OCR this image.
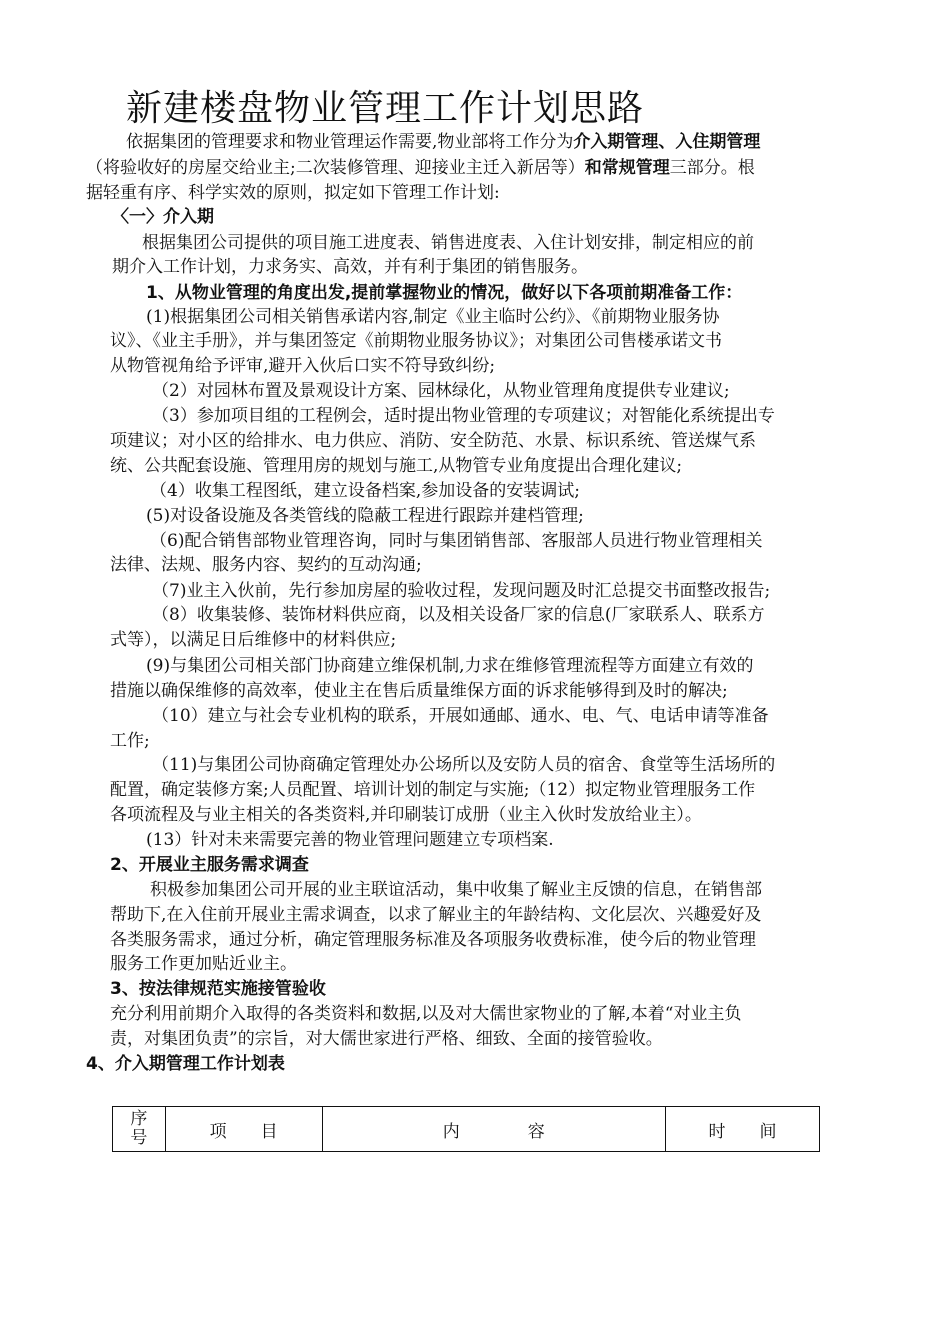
新建楼盘物业管理工作计划思路
依据集团的管理要求和物业管理运作需要,物业部将工作分为介入期管理、入住期管理
（将验收好的房屋交给业主;二次装修管理、迎接业主迁入新居等）和常规管理三部分。根
据轻重有序、科学实效的原则，拟定如下管理工作计划:
〈一〉介入期
根据集团公司提供的项目施工进度表、销售进度表、入住计划安排，制定相应的前
期介入工作计划，力求务实、高效，并有利于集团的销售服务。
1、从物业管理的角度出发,提前掌握物业的情况，做好以下各项前期准备工作：
(1)根据集团公司相关销售承诺内容,制定《业主临时公约》、《前期物业服务协
议》、《业主手册》，并与集团签定《前期物业服务协议》；对集团公司售楼承诺文书
从物管视角给予评审,避开入伙后口实不符导致纠纷;
（2）对园林布置及景观设计方案、园林绿化，从物业管理角度提供专业建议;
（3）参加项目组的工程例会，适时提出物业管理的专项建议；对智能化系统提出专
项建议；对小区的给排水、电力供应、消防、安全防范、水景、标识系统、管送煤气系
统、公共配套设施、管理用房的规划与施工,从物管专业角度提出合理化建议;
（4）收集工程图纸，建立设备档案,参加设备的安装调试;
(5)对设备设施及各类管线的隐蔽工程进行跟踪并建档管理;
（6)配合销售部物业管理咨询，同时与集团销售部、客服部人员进行物业管理相关
法律、法规、服务内容、契约的互动沟通;
（7)业主入伙前，先行参加房屋的验收过程，发现问题及时汇总提交书面整改报告;
（8）收集装修、装饰材料供应商，以及相关设备厂家的信息(厂家联系人、联系方
式等），以满足日后维修中的材料供应;
(9)与集团公司相关部门协商建立维保机制,力求在维修管理流程等方面建立有效的
措施以确保维修的高效率，使业主在售后质量维保方面的诉求能够得到及时的解决;
（10）建立与社会专业机构的联系，开展如通邮、通水、电、气、电话申请等准备
工作;
（11)与集团公司协商确定管理处办公场所以及安防人员的宿舍、食堂等生活场所的
配置，确定装修方案;人员配置、培训计划的制定与实施;（12）拟定物业管理服务工作
各项流程及与业主相关的各类资料,并印刷装订成册（业主入伙时发放给业主）。
(13）针对未来需要完善的物业管理问题建立专项档案.
2、开展业主服务需求调查
积极参加集团公司开展的业主联谊活动，集中收集了解业主反馈的信息，在销售部
帮助下,在入住前开展业主需求调查，以求了解业主的年龄结构、文化层次、兴趣爱好及
各类服务需求，通过分析，确定管理服务标准及各项服务收费标准，使今后的物业管理
服务工作更加贴近业主。
3、按法律规范实施接管验收
充分利用前期介入取得的各类资料和数据,以及对大儒世家物业的了解,本着“对业主负
责，对集团负责”的宗旨，对大儒世家进行严格、细致、全面的接管验收。
4、介入期管理工作计划表
序号	项　　目	内　　　　容	时　　间
